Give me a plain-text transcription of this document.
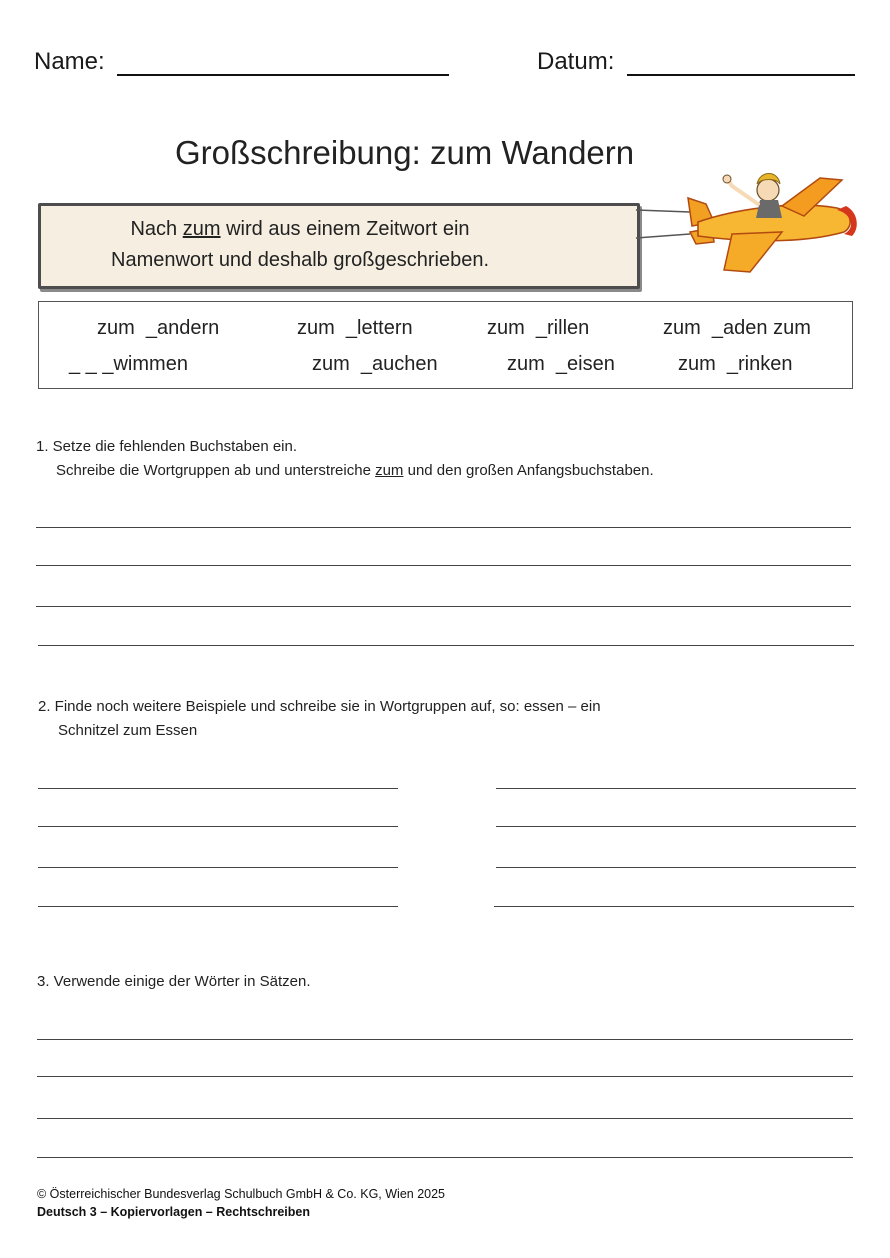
Name:	Datum:
Großschreibung: zum Wandern
Nach zum wird aus einem Zeitwort ein
Namenwort und deshalb großgeschrieben.
zum  _andern	zum  _lettern	zum  _rillen	zum  _aden zum
_ _ _wimmen	zum  _auchen	zum  _eisen	zum  _rinken
1. Setze die fehlenden Buchstaben ein.
Schreibe die Wortgruppen ab und unterstreiche zum und den großen Anfangsbuchstaben.
2. Finde noch weitere Beispiele und schreibe sie in Wortgruppen auf, so: essen – ein
Schnitzel zum Essen
3. Verwende einige der Wörter in Sätzen.
© Österreichischer Bundesverlag Schulbuch GmbH & Co. KG, Wien 2025
Deutsch 3 – Kopiervorlagen – Rechtschreiben
